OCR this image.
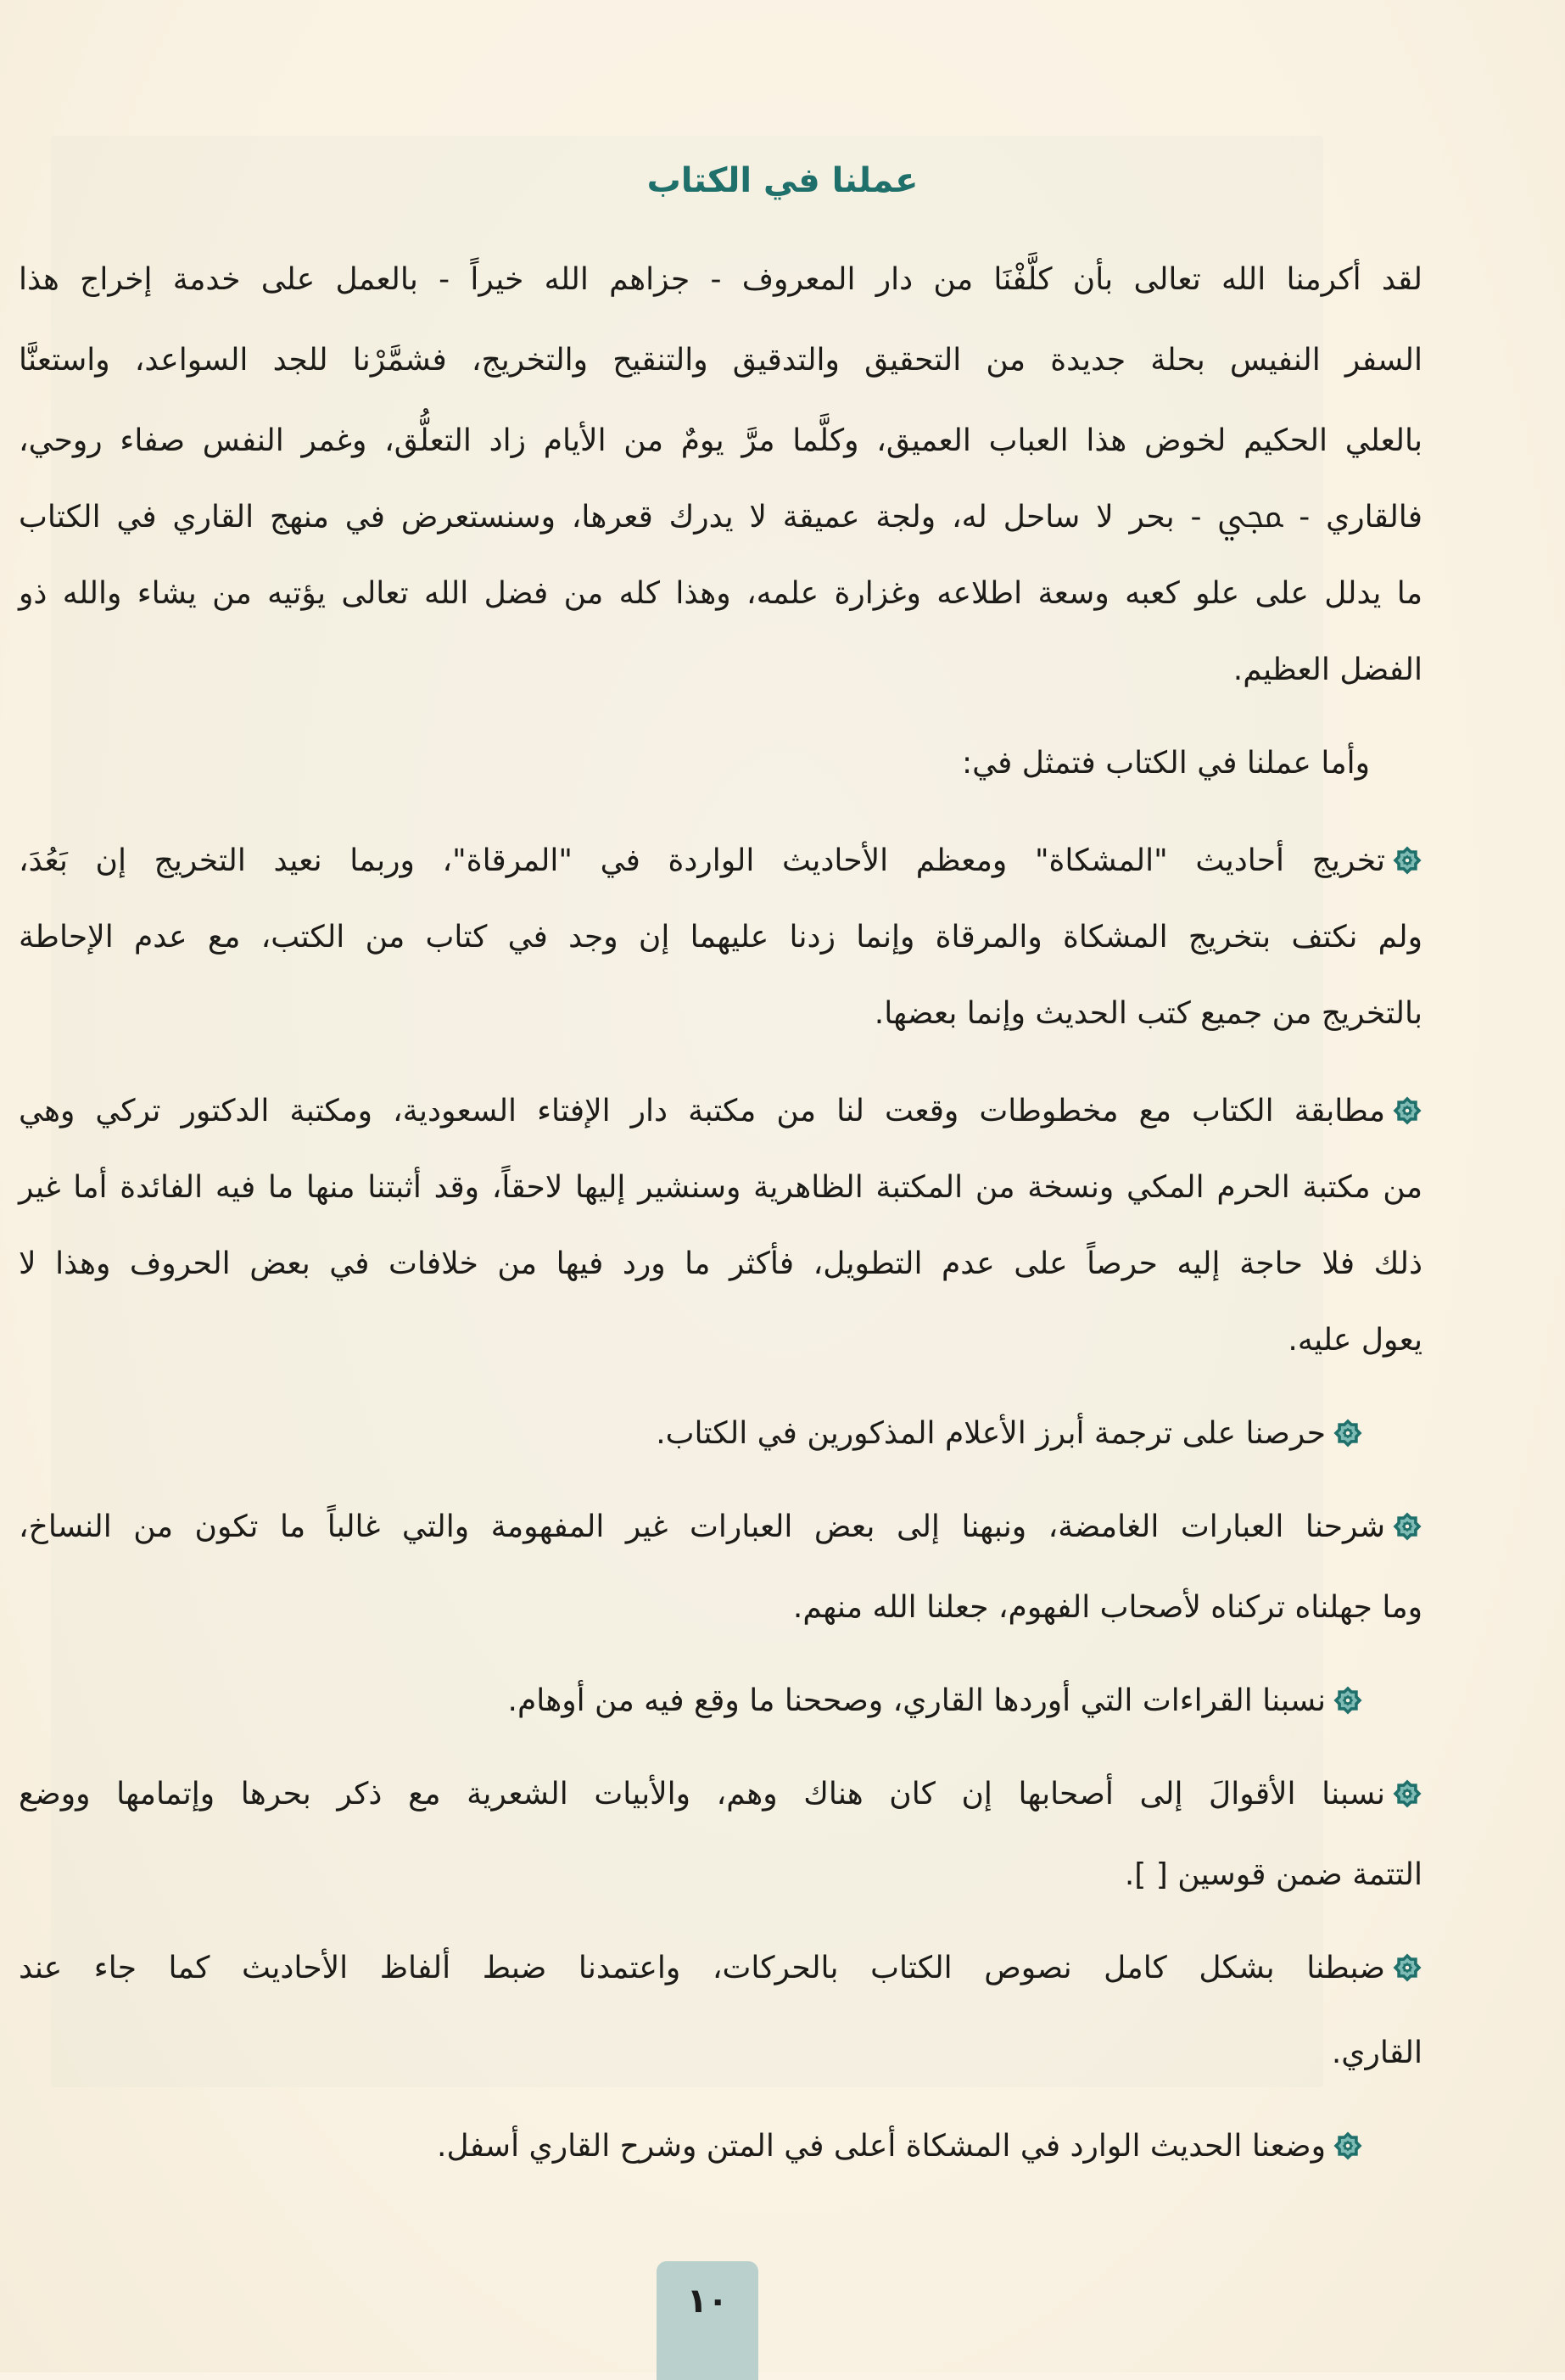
عملنا في الكتاب
لقد أكرمنا الله تعالى بأن كلَّفْنَا من دار المعروف - جزاهم الله خيراً - بالعمل على خدمة إخراج هذا
السفر النفيس بحلة جديدة من التحقيق والتدقيق والتنقيح والتخريج، فشمَّرْنا للجد السواعد، واستعنَّا
بالعلي الحكيم لخوض هذا العباب العميق، وكلَّما مرَّ يومٌ من الأيام زاد التعلُّق، وغمر النفس صفاء روحي،
فالقاري - ﷀ - بحر لا ساحل له، ولجة عميقة لا يدرك قعرها، وسنستعرض في منهج القاري في الكتاب
ما يدلل على علو كعبه وسعة اطلاعه وغزارة علمه، وهذا كله من فضل الله تعالى يؤتيه من يشاء والله ذو
الفضل العظيم.
وأما عملنا في الكتاب فتمثل في:
تخريج أحاديث "المشكاة" ومعظم الأحاديث الواردة في "المرقاة"، وربما نعيد التخريج إن بَعُدَ،
ولم نكتف بتخريج المشكاة والمرقاة وإنما زدنا عليهما إن وجد في كتاب من الكتب، مع عدم الإحاطة
بالتخريج من جميع كتب الحديث وإنما بعضها.
مطابقة الكتاب مع مخطوطات وقعت لنا من مكتبة دار الإفتاء السعودية، ومكتبة الدكتور تركي وهي
من مكتبة الحرم المكي ونسخة من المكتبة الظاهرية وسنشير إليها لاحقاً، وقد أثبتنا منها ما فيه الفائدة أما غير
ذلك فلا حاجة إليه حرصاً على عدم التطويل، فأكثر ما ورد فيها من خلافات في بعض الحروف وهذا لا
يعول عليه.
حرصنا على ترجمة أبرز الأعلام المذكورين في الكتاب.
شرحنا العبارات الغامضة، ونبهنا إلى بعض العبارات غير المفهومة والتي غالباً ما تكون من النساخ،
وما جهلناه تركناه لأصحاب الفهوم، جعلنا الله منهم.
نسبنا القراءات التي أوردها القاري، وصححنا ما وقع فيه من أوهام.
نسبنا الأقوالَ إلى أصحابها إن كان هناك وهم، والأبيات الشعرية مع ذكر بحرها وإتمامها ووضع
التتمة ضمن قوسين [ ].
ضبطنا بشكل كامل نصوص الكتاب بالحركات، واعتمدنا ضبط ألفاظ الأحاديث كما جاء عند
القاري.
وضعنا الحديث الوارد في المشكاة أعلى في المتن وشرح القاري أسفل.
١٠
